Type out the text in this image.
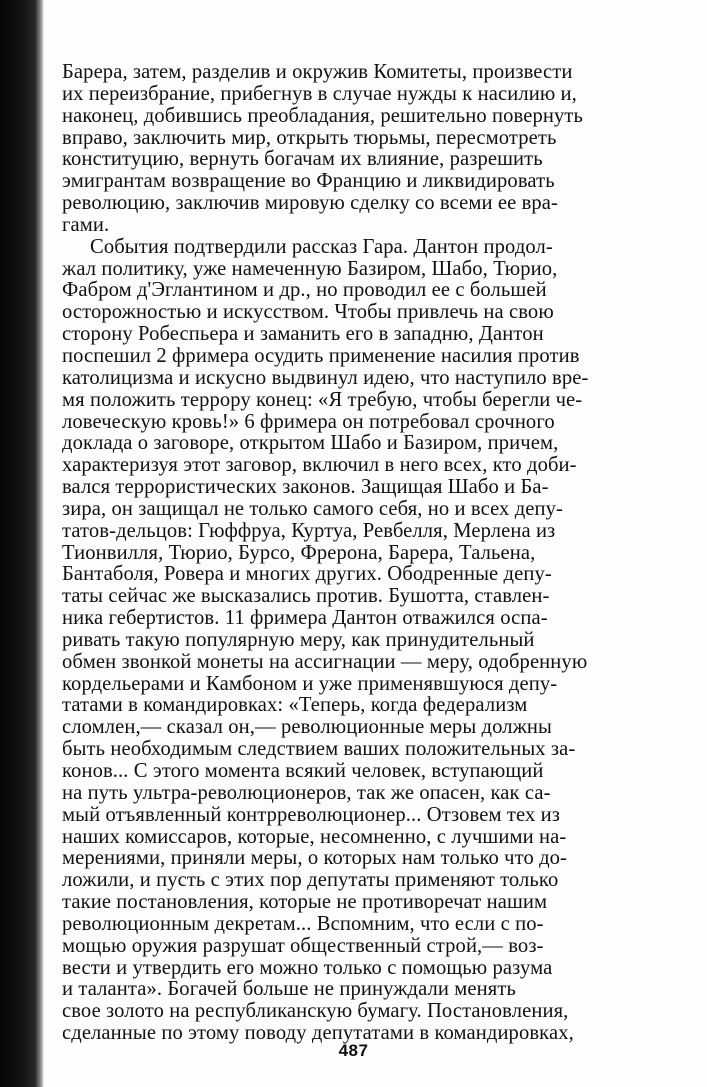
Барера, затем, разделив и окружив Комитеты, произвести
их переизбрание, прибегнув в случае нужды к насилию и,
наконец, добившись преобладания, решительно повернуть
вправо, заключить мир, открыть тюрьмы, пересмотреть
конституцию, вернуть богачам их влияние, разрешить
эмигрантам возвращение во Францию и ликвидировать
революцию, заключив мировую сделку со всеми ее вра-
гами.
События подтвердили рассказ Гара. Дантон продол-
жал политику, уже намеченную Базиром, Шабо, Тюрио,
Фабром д'Эглантином и др., но проводил ее с большей
осторожностью и искусством. Чтобы привлечь на свою
сторону Робеспьера и заманить его в западню, Дантон
поспешил 2 фримера осудить применение насилия против
католицизма и искусно выдвинул идею, что наступило вре-
мя положить террору конец: «Я требую, чтобы берегли че-
ловеческую кровь!» 6 фримера он потребовал срочного
доклада о заговоре, открытом Шабо и Базиром, причем,
характеризуя этот заговор, включил в него всех, кто доби-
вался террористических законов. Защищая Шабо и Ба-
зира, он защищал не только самого себя, но и всех депу-
татов-дельцов: Гюффруа, Куртуа, Ревбелля, Мерлена из
Тионвилля, Тюрио, Бурсо, Фрерона, Барера, Тальена,
Бантаболя, Ровера и многих других. Ободренные депу-
таты сейчас же высказались против. Бушотта, ставлен-
ника гебертистов. 11 фримера Дантон отважился оспа-
ривать такую популярную меру, как принудительный
обмен звонкой монеты на ассигнации — меру, одобренную
кордельерами и Камбоном и уже применявшуюся депу-
татами в командировках: «Теперь, когда федерализм
сломлен,— сказал он,— революционные меры должны
быть необходимым следствием ваших положительных за-
конов... С этого момента всякий человек, вступающий
на путь ультра-революционеров, так же опасен, как са-
мый отъявленный контрреволюционер... Отзовем тех из
наших комиссаров, которые, несомненно, с лучшими на-
мерениями, приняли меры, о которых нам только что до-
ложили, и пусть с этих пор депутаты применяют только
такие постановления, которые не противоречат нашим
революционным декретам... Вспомним, что если с по-
мощью оружия разрушат общественный строй,— воз-
вести и утвердить его можно только с помощью разума
и таланта». Богачей больше не принуждали менять
свое золото на республиканскую бумагу. Постановления,
сделанные по этому поводу депутатами в командировках,
487
